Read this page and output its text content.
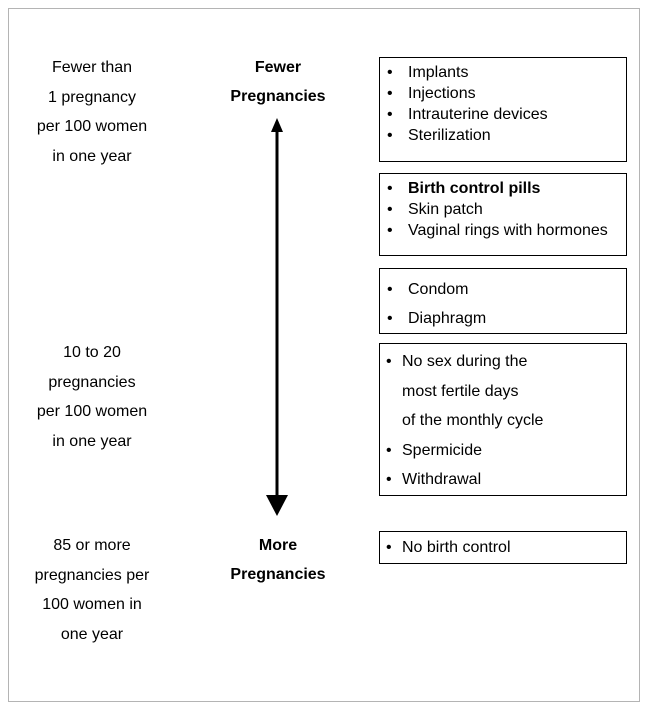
Fewer than
1 pregnancy
per 100 women
in one year
10 to 20
pregnancies
per 100 women
in one year
85 or more
pregnancies per
100 women in
one year
Fewer
Pregnancies
More
Pregnancies
• Implants
• Injections
• Intrauterine devices
• Sterilization
• Birth control pills
• Skin patch
• Vaginal rings with hormones
• Condom
• Diaphragm
• No sex during the
most fertile days
of the monthly cycle
• Spermicide
• Withdrawal
• No birth control
